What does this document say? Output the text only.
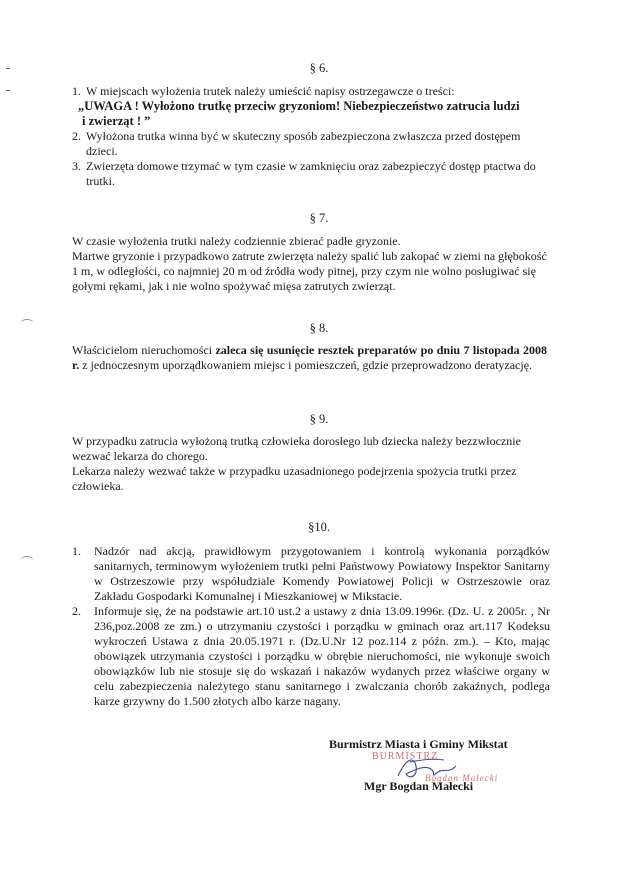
§ 6.
1. W miejscach wyłożenia trutek należy umieścić napisy ostrzegawcze o treści:
„UWAGA ! Wyłożono trutkę przeciw gryzoniom! Niebezpieczeństwo zatrucia ludzi
i zwierząt ! ”
2. Wyłożona trutka winna być w skuteczny sposób zabezpieczona zwłaszcza przed dostępem dzieci.
3. Zwierzęta domowe trzymać w tym czasie w zamknięciu oraz zabezpieczyć dostęp ptactwa do trutki.
§ 7.
W czasie wyłożenia trutki należy codziennie zbierać padłe gryzonie.
Martwe gryzonie i przypadkowo zatrute zwierzęta należy spalić lub zakopać w ziemi na głębokość 1 m, w odległości, co najmniej 20 m od źródła wody pitnej, przy czym nie wolno posługiwać się gołymi rękami, jak i nie wolno spożywać mięsa zatrutych zwierząt.
§ 8.
Właścicielom nieruchomości zaleca się usunięcie resztek preparatów po dniu 7 listopada 2008 r. z jednoczesnym uporządkowaniem miejsc i pomieszczeń, gdzie przeprowadzono deratyzację.
§ 9.
W przypadku zatrucia wyłożoną trutką człowieka dorosłego lub dziecka należy bezzwłocznie wezwać lekarza do chorego.
Lekarza należy wezwać także w przypadku uzasadnionego podejrzenia spożycia trutki przez człowieka.
§10.
1. Nadzór nad akcją, prawidłowym przygotowaniem i kontrolą wykonania porządków sanitarnych, terminowym wyłożeniem trutki pełni Państwowy Powiatowy Inspektor Sanitarny w Ostrzeszowie przy współudziale Komendy Powiatowej Policji w Ostrzeszowie oraz Zakładu Gospodarki Komunalnej i Mieszkaniowej w Mikstacie.
2. Informuje się, że na podstawie art.10 ust.2 a ustawy z dnia 13.09.1996r. (Dz. U. z 2005r. , Nr 236,poz.2008 ze zm.) o utrzymaniu czystości i porządku w gminach oraz art.117 Kodeksu wykroczeń Ustawa z dnia 20.05.1971 r. (Dz.U.Nr 12 poz.114 z późn. zm.). – Kto, mając obowiązek utrzymania czystości i porządku w obrębie nieruchomości, nie wykonuje swoich obowiązków lub nie stosuje się do wskazań i nakazów wydanych przez właściwe organy w celu zabezpieczenia należytego stanu sanitarnego i zwalczania chorób zakaźnych, podlega karze grzywny do 1.500 złotych albo karze nagany.
Burmistrz Miasta i Gminy Mikstat
BURMISTRZ
Bogdan Małecki
Mgr Bogdan Małecki
